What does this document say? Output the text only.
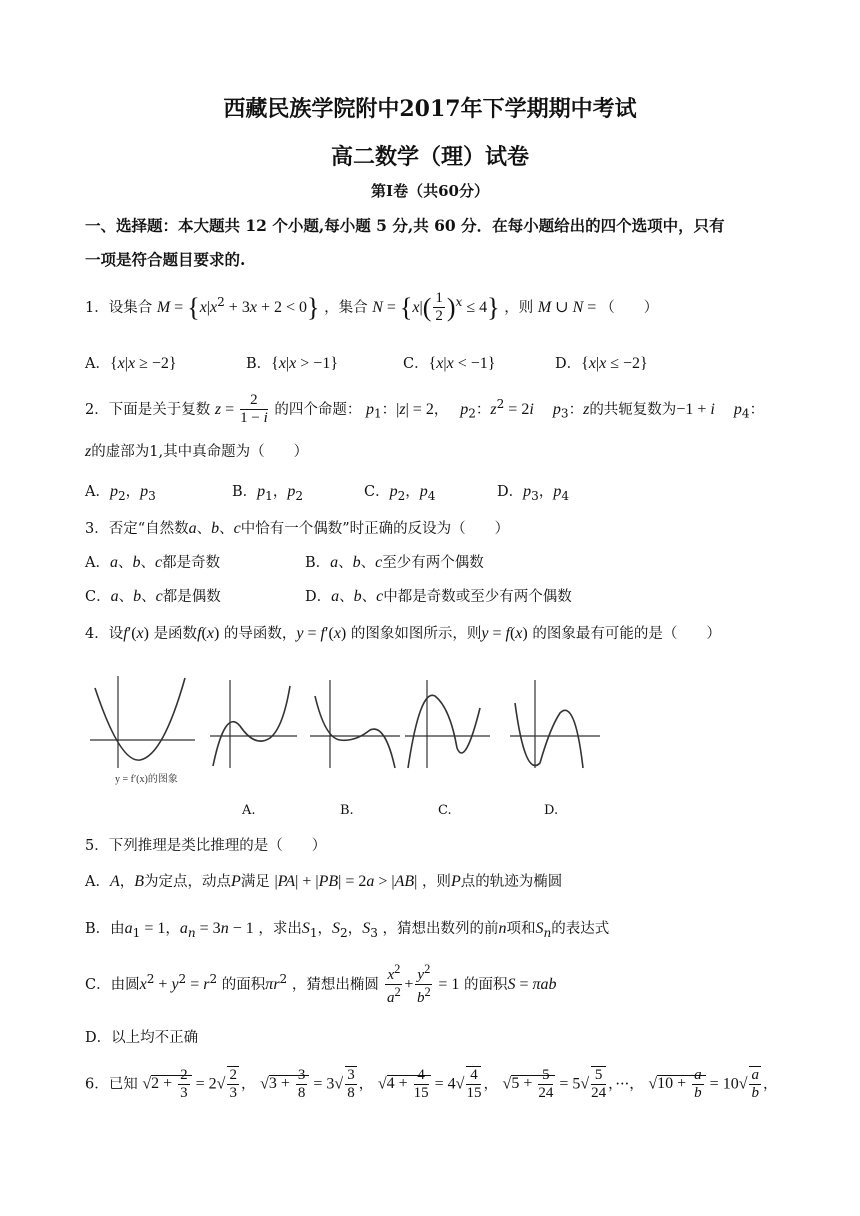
西藏民族学院附中2017年下学期期中考试
高二数学（理）试卷
第Ⅰ卷（共60分）
一、选择题：本大题共 12 个小题,每小题 5 分,共 60 分．在每小题给出的四个选项中，只有
一项是符合题目要求的.
1．设集合 $M = \{x|x^2 + 3x + 2 < 0\}$ ，集合 $N = \{x|( \frac{1}{2} )^x \le 4\}$ ，则 M ∪ N = （　　）
A．{x|x ≥ −2}	B．{x|x > −1}	C．{x|x < −1}	D．{x|x ≤ −2}
2．下面是关于复数 $z = \frac{2}{1 - i}$ 的四个命题： $p_1$：|z| = 2，　 $p_2$：$z^2 = 2i$　 $p_3$：z的共轭复数为−1 + i　 $p_4$：
z的虚部为1,其中真命题为（　　）
A．$p_2$，$p_3$	B．$p_1$，$p_2$	C．$p_2$，$p_4$	D．$p_3$，$p_4$
3．否定“自然数a、b、c中恰有一个偶数”时正确的反设为（　　）
A．a、b、c都是奇数	B．a、b、c至少有两个偶数
C．a、b、c都是偶数	D．a、b、c中都是奇数或至少有两个偶数
4．设f′(x) 是函数f(x) 的导函数，y = f′(x) 的图象如图所示，则y = f(x) 的图象最有可能的是（　　）
y = f′(x)的图象
A.	B.	C.	D.
5．下列推理是类比推理的是（　　）
A．A，B为定点，动点P满足 |PA| + |PB| = 2a > |AB| ，则P点的轨迹为椭圆
B．由$a_1 = 1$，$a_n = 3n - 1$ ，求出$S_1$，$S_2$，$S_3$ ，猜想出数列的前n项和$S_n$的表达式
C．由圆$x^2 + y^2 = r^2$ 的面积$\pi r^2$ ，猜想出椭圆 $\frac{x^2}{a^2} + \frac{y^2}{b^2} = 1$ 的面积S = πab
D．以上均不正确
6．已知 $√2 + \frac{2}{3} = 2√ \frac{2}{3}$ ， $√3 + \frac{3}{8} = 3√ \frac{3}{8}$ ， $√4 + \frac{4}{15} = 4√ \frac{4}{15}$ ， $√5 + \frac{5}{24} = 5√ \frac{5}{24}$ ，···， $√10 + \frac{a}{b} = 10√ \frac{a}{b}$ ，
